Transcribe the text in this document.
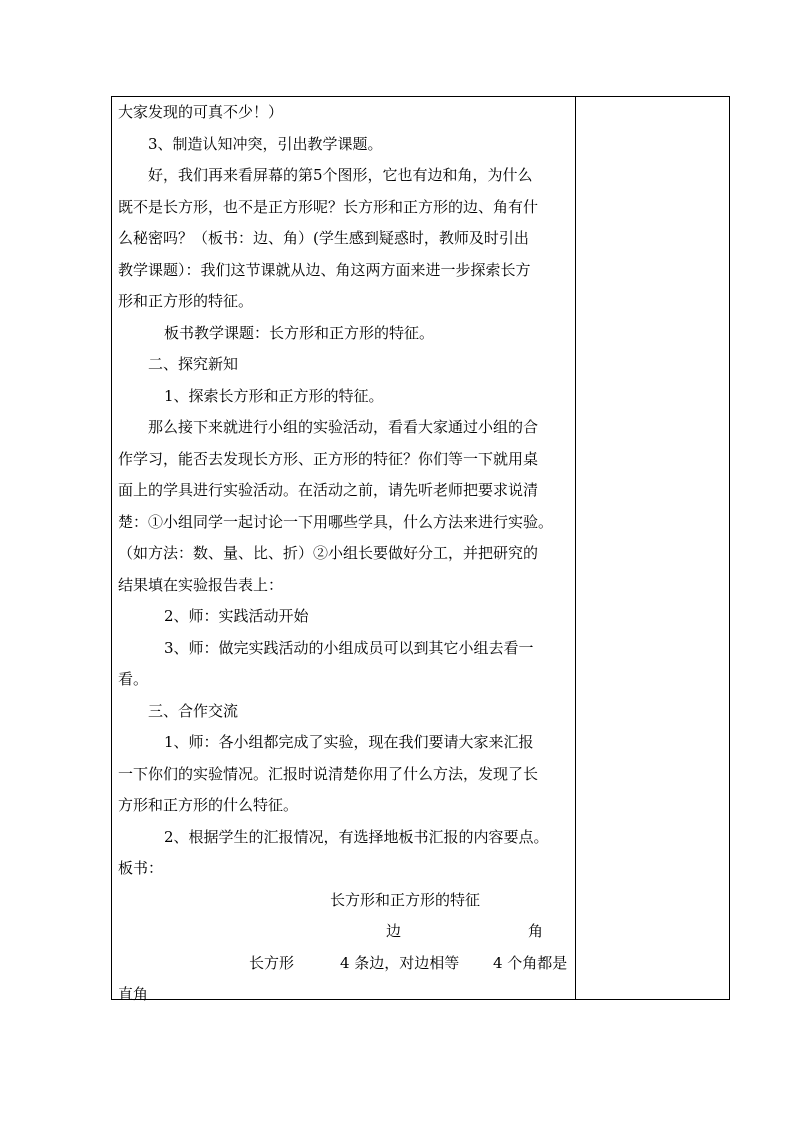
大家发现的可真不少！）
3、制造认知冲突，引出教学课题。
好，我们再来看屏幕的第5个图形，它也有边和角，为什么
既不是长方形，也不是正方形呢？长方形和正方形的边、角有什
么秘密吗？（板书：边、角）(学生感到疑惑时，教师及时引出
教学课题）：我们这节课就从边、角这两方面来进一步探索长方
形和正方形的特征。
板书教学课题：长方形和正方形的特征。
二、探究新知
1、探索长方形和正方形的特征。
那么接下来就进行小组的实验活动，看看大家通过小组的合
作学习，能否去发现长方形、正方形的特征？你们等一下就用桌
面上的学具进行实验活动。在活动之前，请先听老师把要求说清
楚：①小组同学一起讨论一下用哪些学具，什么方法来进行实验。
（如方法：数、量、比、折）②小组长要做好分工，并把研究的
结果填在实验报告表上：
2、师：实践活动开始
3、师：做完实践活动的小组成员可以到其它小组去看一
看。
三、合作交流
1、师：各小组都完成了实验，现在我们要请大家来汇报
一下你们的实验情况。汇报时说清楚你用了什么方法，发现了长
方形和正方形的什么特征。
2、根据学生的汇报情况，有选择地板书汇报的内容要点。
板书：
长方形和正方形的特征
边	角
长方形	4 条边，对边相等 4 个角都是
直角
